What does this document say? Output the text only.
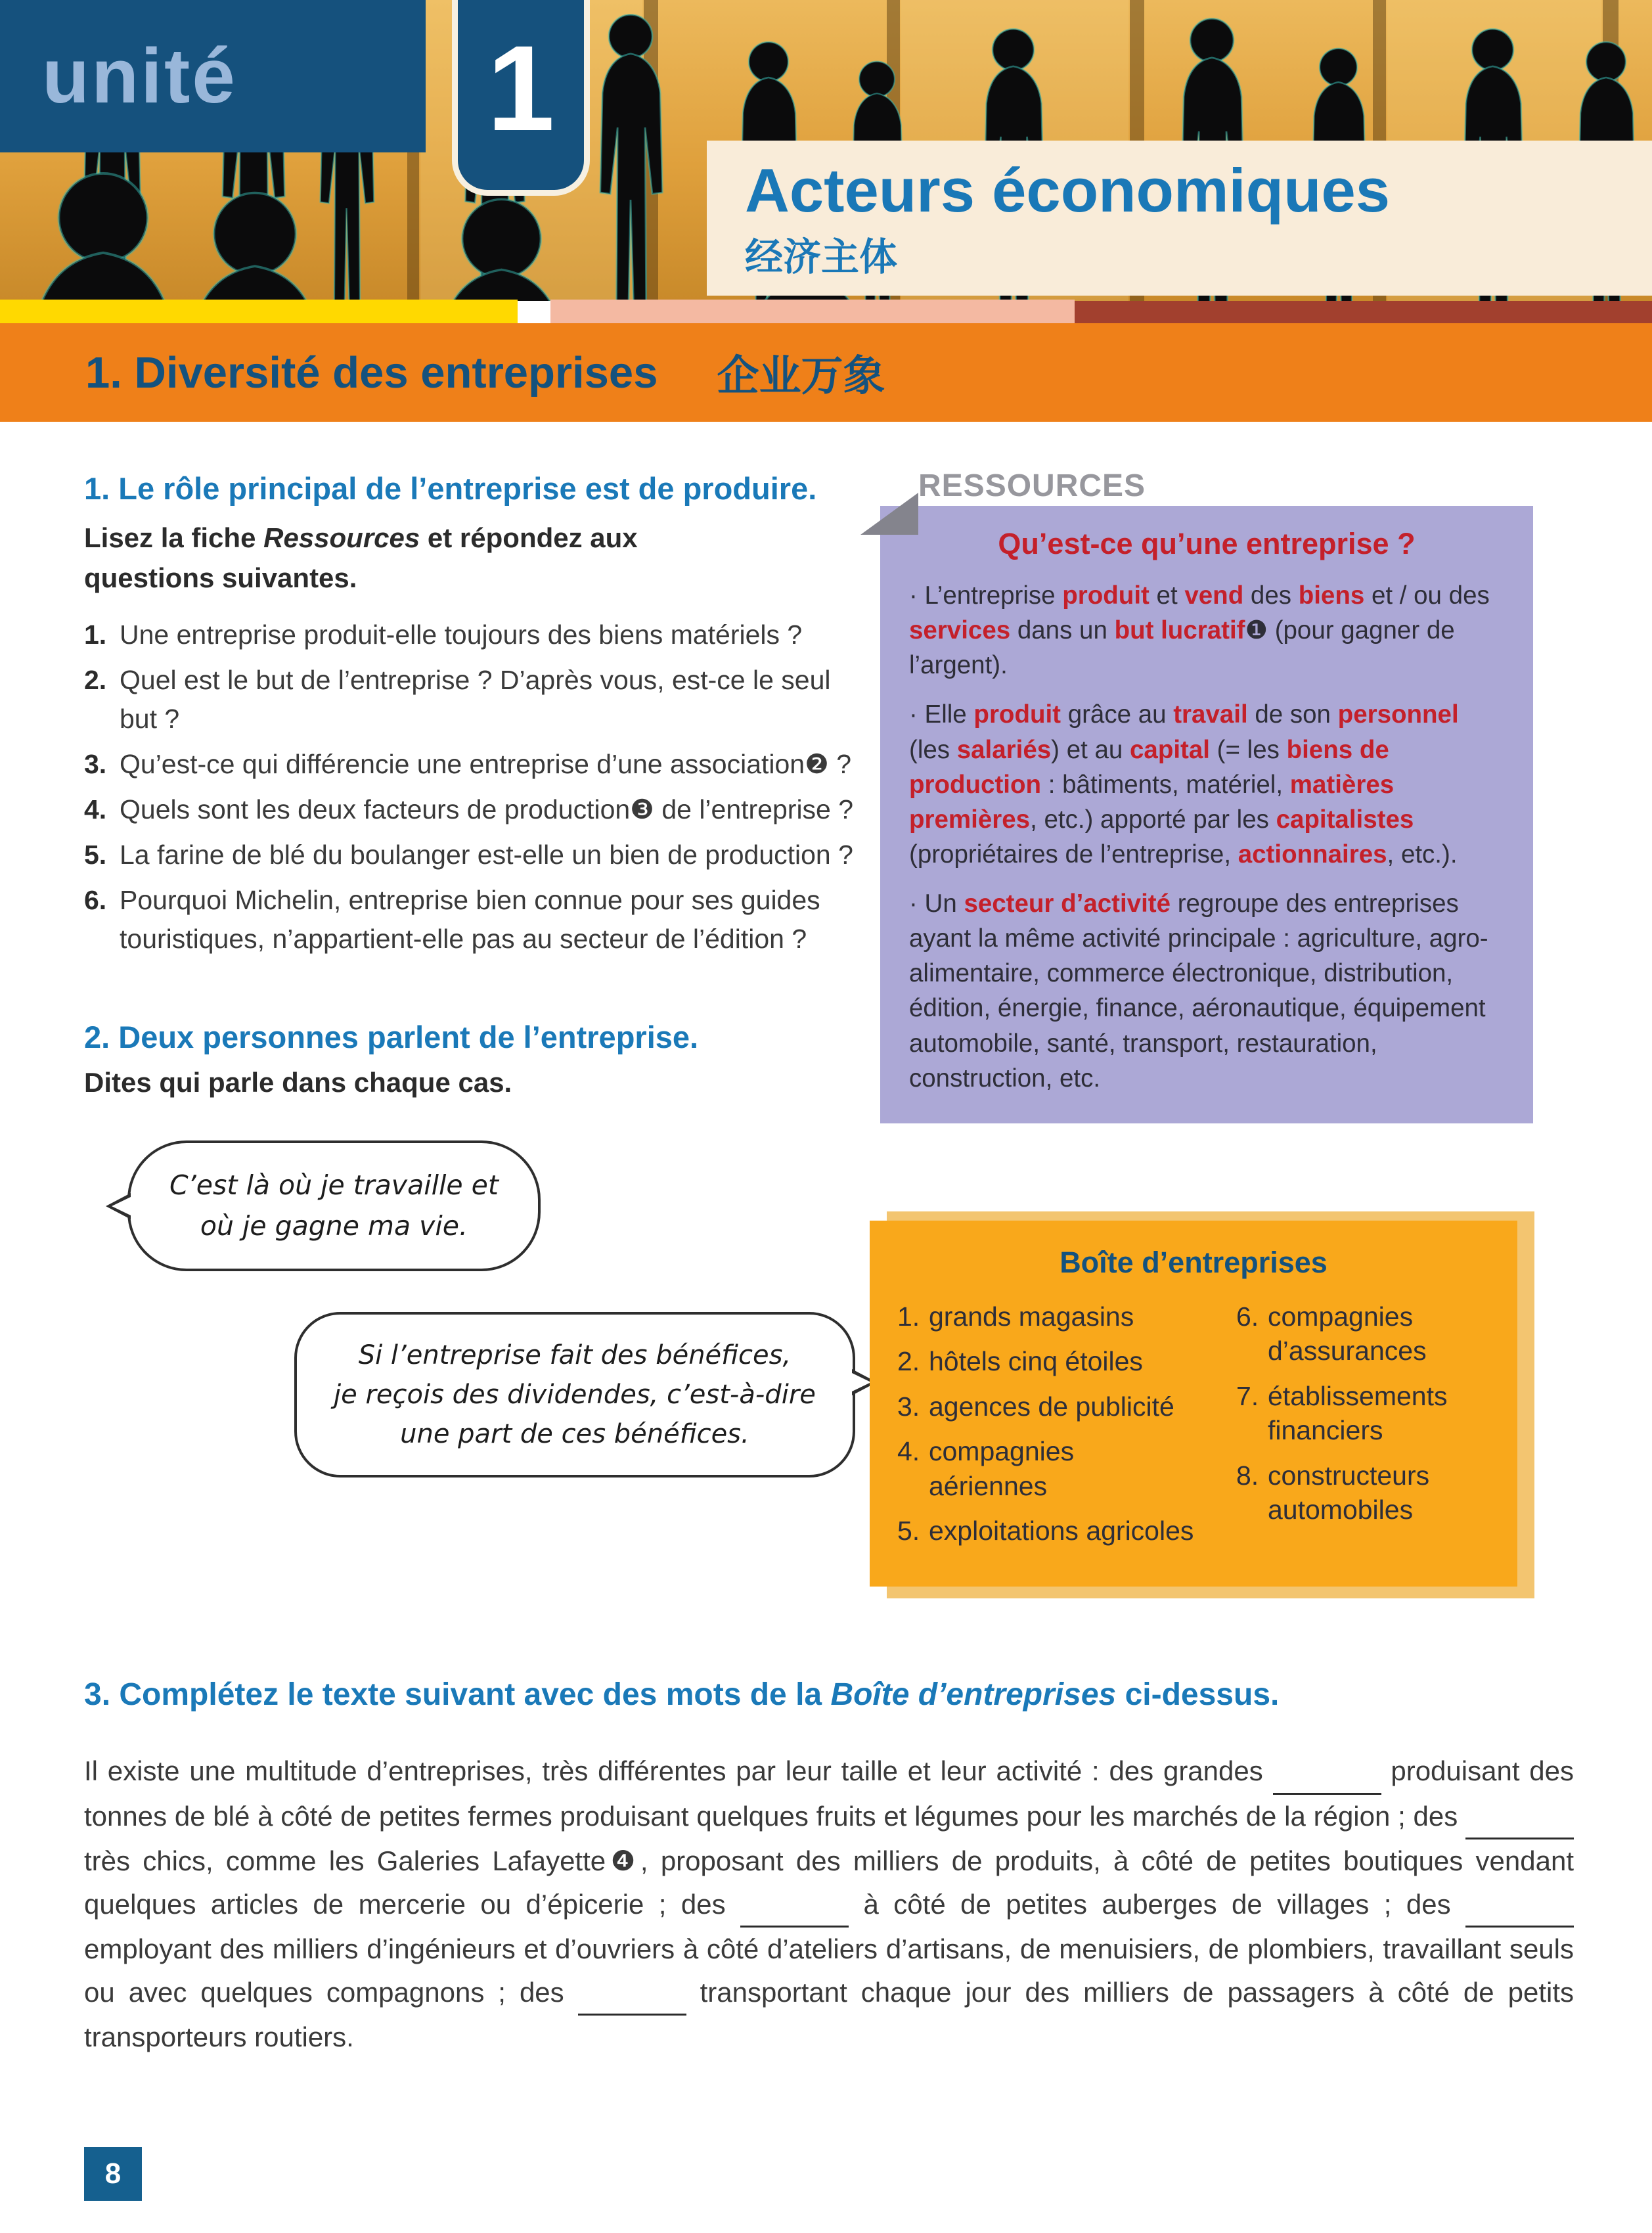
unité 1
Acteurs économiques
经济主体
1. Diversité des entreprises 企业万象
1. Le rôle principal de l’entreprise est de produire.
Lisez la fiche Ressources et répondez aux questions suivantes.
1. Une entreprise produit-elle toujours des biens matériels ?
2. Quel est le but de l’entreprise ? D’après vous, est-ce le seul but ?
3. Qu’est-ce qui différencie une entreprise d’une association❷ ?
4. Quels sont les deux facteurs de production❸ de l’entreprise ?
5. La farine de blé du boulanger est-elle un bien de production ?
6. Pourquoi Michelin, entreprise bien connue pour ses guides touristiques, n’appartient-elle pas au secteur de l’édition ?
2. Deux personnes parlent de l’entreprise.
Dites qui parle dans chaque cas.
C’est là où je travaille et
où je gagne ma vie.
Si l’entreprise fait des bénéfices,
je reçois des dividendes, c’est-à-dire
une part de ces bénéfices.
RESSOURCES
Qu’est-ce qu’une entreprise ?
· L’entreprise produit et vend des biens et / ou des services dans un but lucratif❶ (pour gagner de l’argent).
· Elle produit grâce au travail de son personnel (les salariés) et au capital (= les biens de production : bâtiments, matériel, matières premières, etc.) apporté par les capitalistes (propriétaires de l’entreprise, actionnaires, etc.).
· Un secteur d’activité regroupe des entreprises ayant la même activité principale : agriculture, agro-alimentaire, commerce électronique, distribution, édition, énergie, finance, aéronautique, équipement automobile, santé, transport, restauration, construction, etc.
Boîte d’entreprises
1. grands magasins
2. hôtels cinq étoiles
3. agences de publicité
4. compagnies
aériennes
5. exploitations agricoles
6. compagnies
d’assurances
7. établissements
financiers
8. constructeurs
automobiles
3. Complétez le texte suivant avec des mots de la Boîte d’entreprises ci-dessus.
Il existe une multitude d’entreprises, très différentes par leur taille et leur activité : des grandes	produisant des tonnes de blé à côté de petites fermes produisant quelques fruits et légumes pour les marchés de la région ; des   très chics, comme les Galeries Lafayette❹, proposant des milliers de produits, à côté de petites boutiques vendant quelques articles de mercerie ou d’épicerie ; des	à côté de petites auberges de villages ; des   employant des milliers d’ingénieurs et d’ouvriers à côté d’ateliers d’artisans, de menuisiers, de plombiers, travaillant seuls ou avec quelques compagnons ; des	transportant chaque jour des milliers de passagers à côté de petits transporteurs routiers.
8
